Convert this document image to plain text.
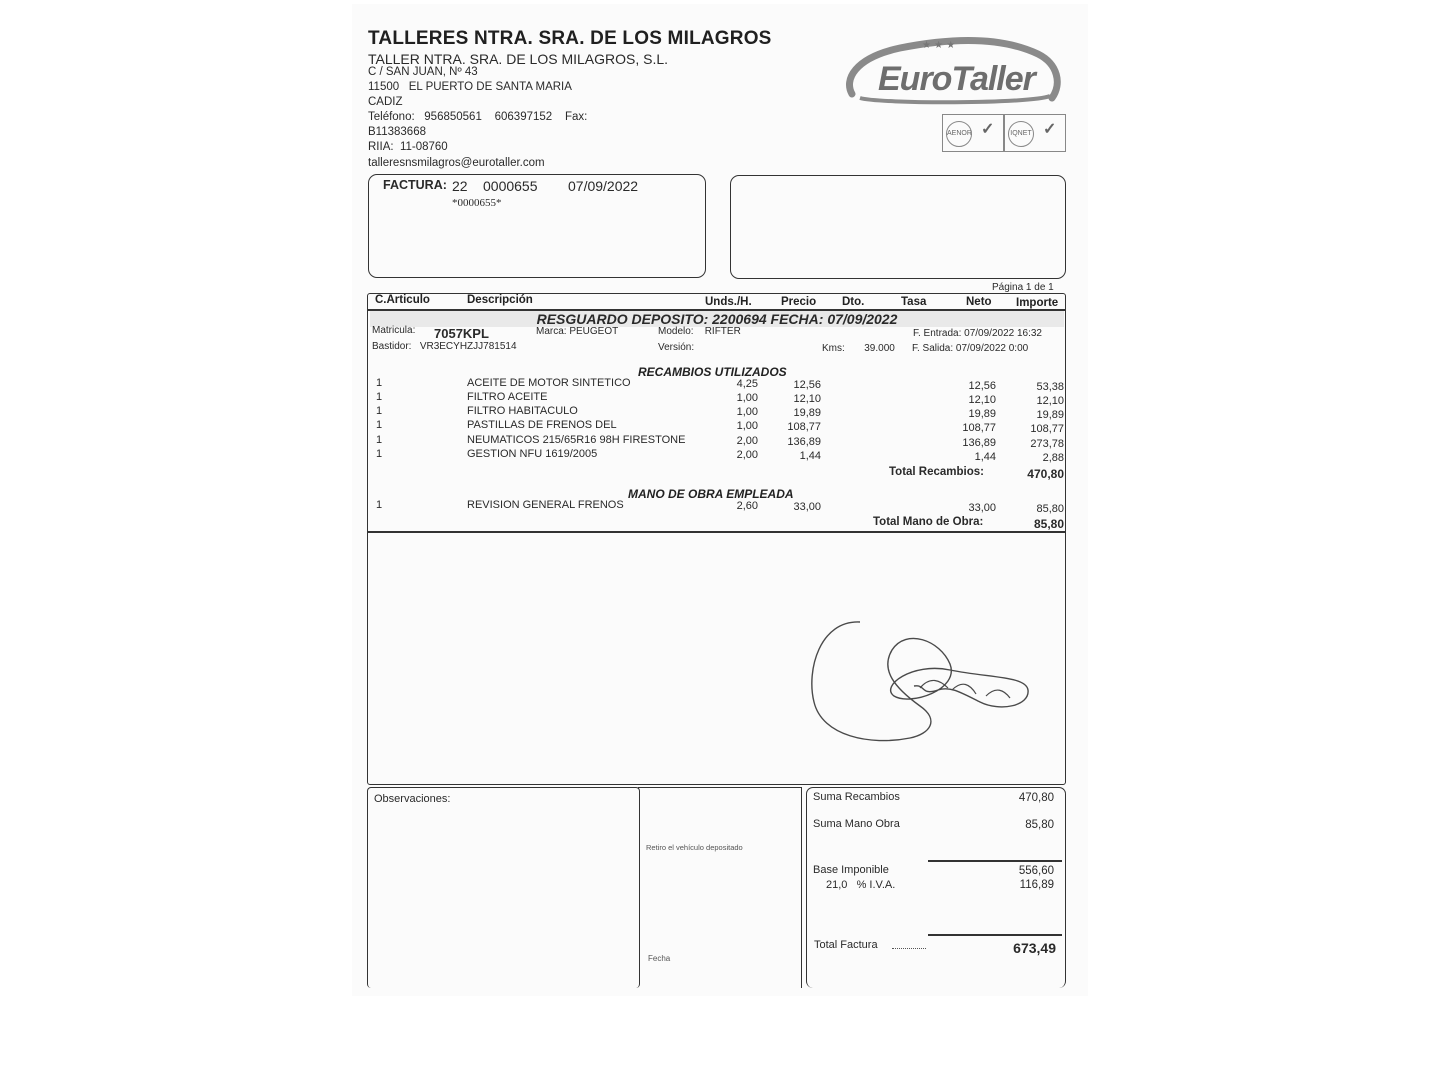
TALLERES NTRA. SRA. DE LOS MILAGROS
TALLER NTRA. SRA. DE LOS MILAGROS, S.L.
C / SAN JUAN, Nº 43
11500 EL PUERTO DE SANTA MARIA
CADIZ
Teléfono: 956850561 606397152 Fax:
B11383668
RIIA: 11-08760
talleresnsmilagros@eurotaller.com
★ ★ ★
EuroTaller
AENOR ✓	IQNET ✓
FACTURA: 22 0000655 07/09/2022
*0000655*
Página 1 de 1
C.Articulo	Descripción	Unds./H.	Precio Dto.	Tasa	Neto Importe
RESGUARDO DEPOSITO: 2200694 FECHA: 07/09/2022
Matricula: 7057KPL	Marca: PEUGEOT	Modelo: RIFTER	F. Entrada: 07/09/2022 16:32
Bastidor: VR3ECYHZJJ781514	Versión:	Kms: 39.000 F. Salida: 07/09/2022 0:00
RECAMBIOS UTILIZADOS
1	ACEITE DE MOTOR SINTETICO	4,25	12,56	12,56	53,38
1	FILTRO ACEITE	1,00	12,10	12,10	12,10
1	FILTRO HABITACULO	1,00	19,89	19,89	19,89
1	PASTILLAS DE FRENOS DEL	1,00	108,77	108,77	108,77
1	NEUMATICOS 215/65R16 98H FIRESTONE	2,00	136,89	136,89	273,78
1	GESTION NFU 1619/2005	2,00	1,44	1,44	2,88
Total Recambios:	470,80
MANO DE OBRA EMPLEADA
1	REVISION GENERAL FRENOS	2,60	33,00	33,00	85,80
Total Mano de Obra:	85,80
Observaciones:
Retiro el vehículo depositado
Fecha
Suma Recambios	470,80
Suma Mano Obra	85,80
Base Imponible	556,60
21,0 % I.V.A.	116,89
Total Factura	673,49
